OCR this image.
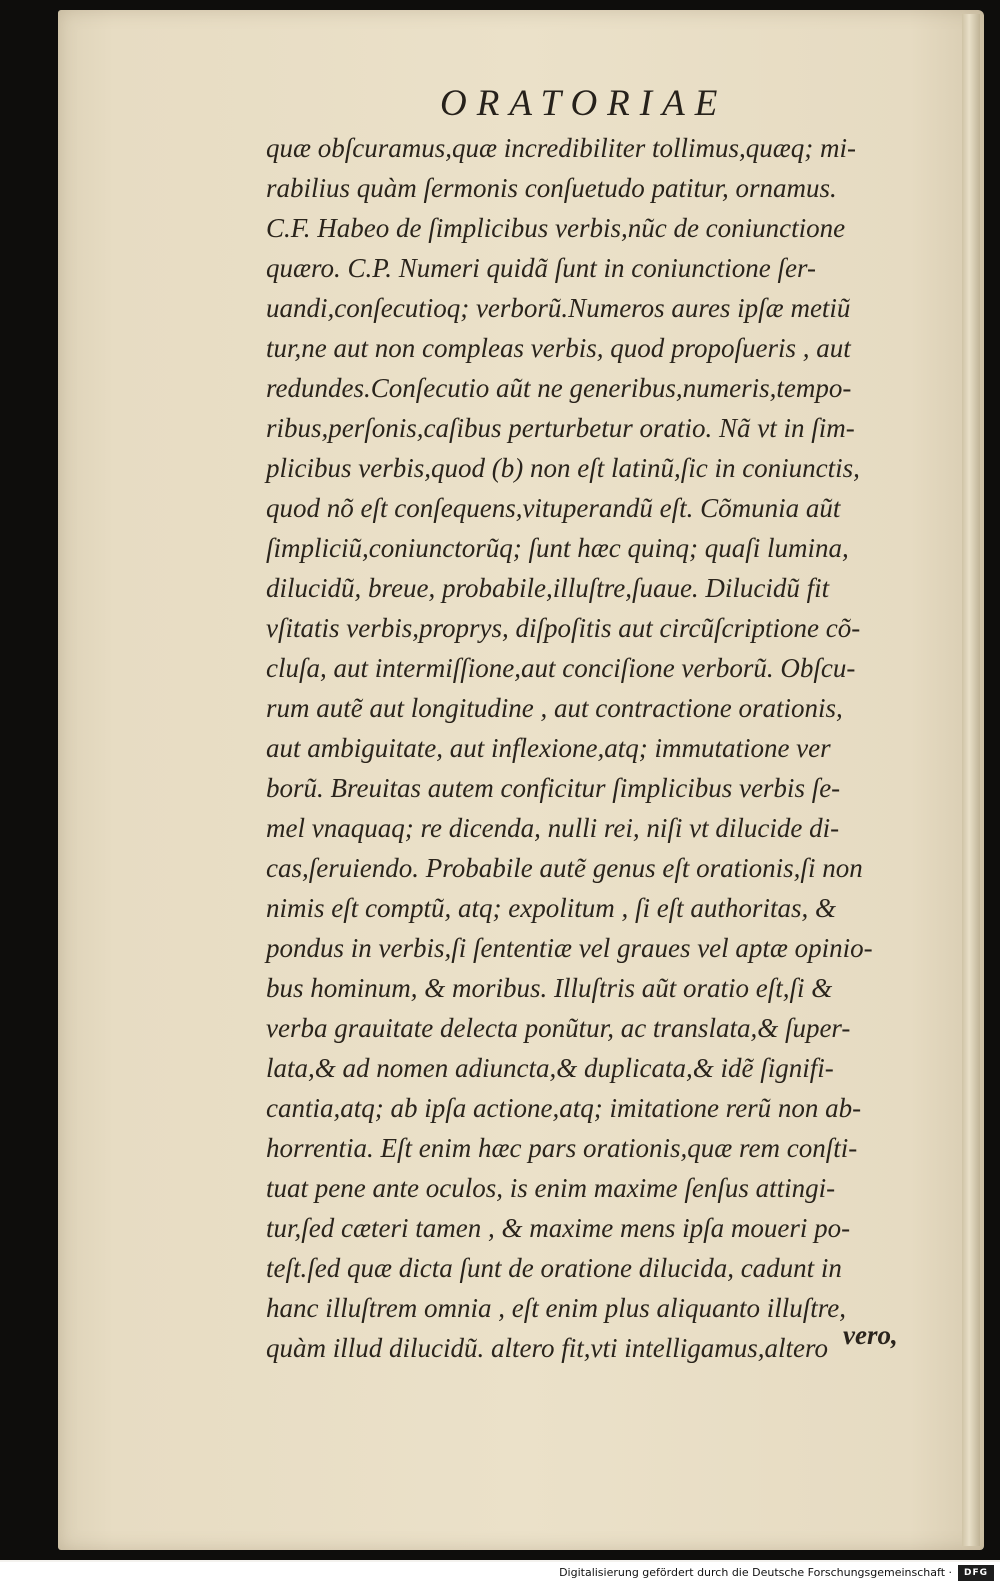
ORATORIAE
quæ obſcuramus,quæ incredibiliter tollimus,quæq; mi-
rabilius quàm ſermonis conſuetudo patitur, ornamus.
C.F. Habeo de ſimplicibus verbis,nũc de coniunctione
quæro. C.P. Numeri quidã ſunt in coniunctione ſer-
uandi,conſecutioq; verborũ.Numeros aures ipſæ metiũ
tur,ne aut non compleas verbis, quod propoſueris , aut
redundes.Conſecutio aũt ne generibus,numeris,tempo-
ribus,perſonis,caſibus perturbetur oratio. Nã vt in ſim-
plicibus verbis,quod (b) non eſt latinũ,ſic in coniunctis,
quod nõ eſt conſequens,vituperandũ eſt. Cõmunia aũt
ſimpliciũ,coniunctorũq; ſunt hæc quinq; quaſi lumina,
dilucidũ, breue, probabile,illuſtre,ſuaue. Dilucidũ fit
vſitatis verbis,proprys, diſpoſitis aut circũſcriptione cõ-
cluſa, aut intermiſſione,aut conciſione verborũ. Obſcu-
rum autẽ aut longitudine , aut contractione orationis,
aut ambiguitate, aut inflexione,atq; immutatione ver
borũ. Breuitas autem conficitur ſimplicibus verbis ſe-
mel vnaquaq; re dicenda, nulli rei, niſi vt dilucide di-
cas,ſeruiendo. Probabile autẽ genus eſt orationis,ſi non
nimis eſt comptũ, atq; expolitum , ſi eſt authoritas, &
pondus in verbis,ſi ſententiæ vel graues vel aptæ opinio-
bus hominum, & moribus. Illuſtris aũt oratio eſt,ſi &
verba grauitate delecta ponũtur, ac translata,& ſuper-
lata,& ad nomen adiuncta,& duplicata,& idẽ ſignifi-
cantia,atq; ab ipſa actione,atq; imitatione rerũ non ab-
horrentia. Eſt enim hæc pars orationis,quæ rem conſti-
tuat pene ante oculos, is enim maxime ſenſus attingi-
tur,ſed cæteri tamen , & maxime mens ipſa moueri po-
teſt.ſed quæ dicta ſunt de oratione dilucida, cadunt in
hanc illuſtrem omnia , eſt enim plus aliquanto illuſtre,
quàm illud dilucidũ. altero fit,vti intelligamus,altero vero,
Digitalisierung gefördert durch die Deutsche Forschungsgemeinschaft ·	DFG
